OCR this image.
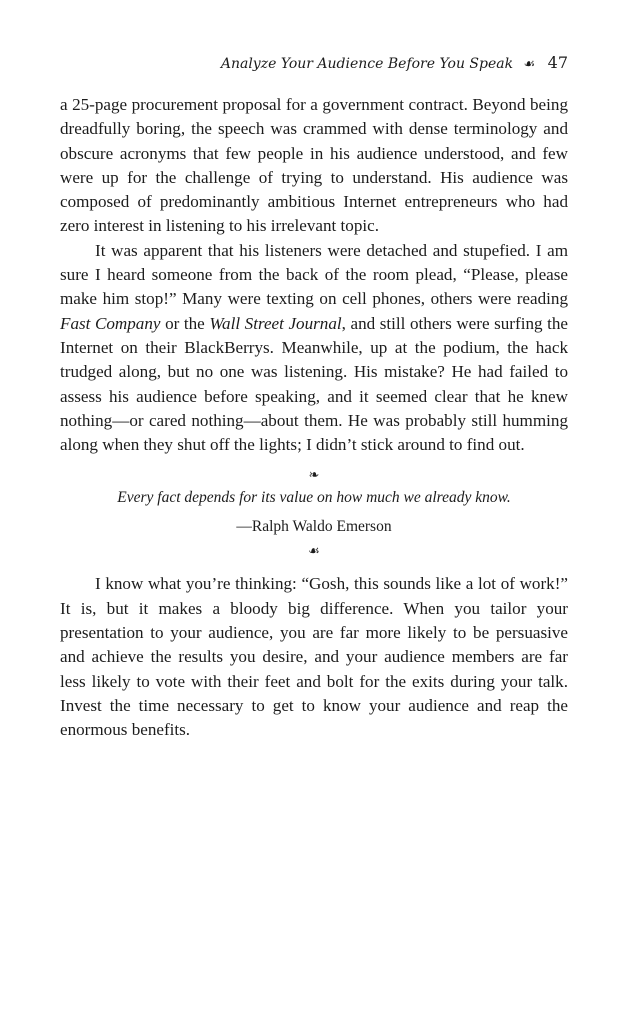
Analyze Your Audience Before You Speak ☙ 47

a 25-page procurement proposal for a government contract. Beyond being dreadfully boring, the speech was crammed with dense terminology and obscure acronyms that few people in his audience understood, and few were up for the challenge of trying to understand. His audience was composed of predominantly ambitious Internet entrepreneurs who had zero interest in listening to his irrelevant topic.

It was apparent that his listeners were detached and stupefied. I am sure I heard someone from the back of the room plead, “Please, please make him stop!” Many were texting on cell phones, others were reading Fast Company or the Wall Street Journal, and still others were surfing the Internet on their BlackBerrys. Meanwhile, up at the podium, the hack trudged along, but no one was listening. His mistake? He had failed to assess his audience before speaking, and it seemed clear that he knew nothing—or cared nothing—about them. He was probably still humming along when they shut off the lights; I didn’t stick around to find out.

❧
Every fact depends for its value on how much we already know.
—Ralph Waldo Emerson
☙

I know what you’re thinking: “Gosh, this sounds like a lot of work!” It is, but it makes a bloody big difference. When you tailor your presentation to your audience, you are far more likely to be persuasive and achieve the results you desire, and your audience members are far less likely to vote with their feet and bolt for the exits during your talk. Invest the time necessary to get to know your audience and reap the enormous benefits.
